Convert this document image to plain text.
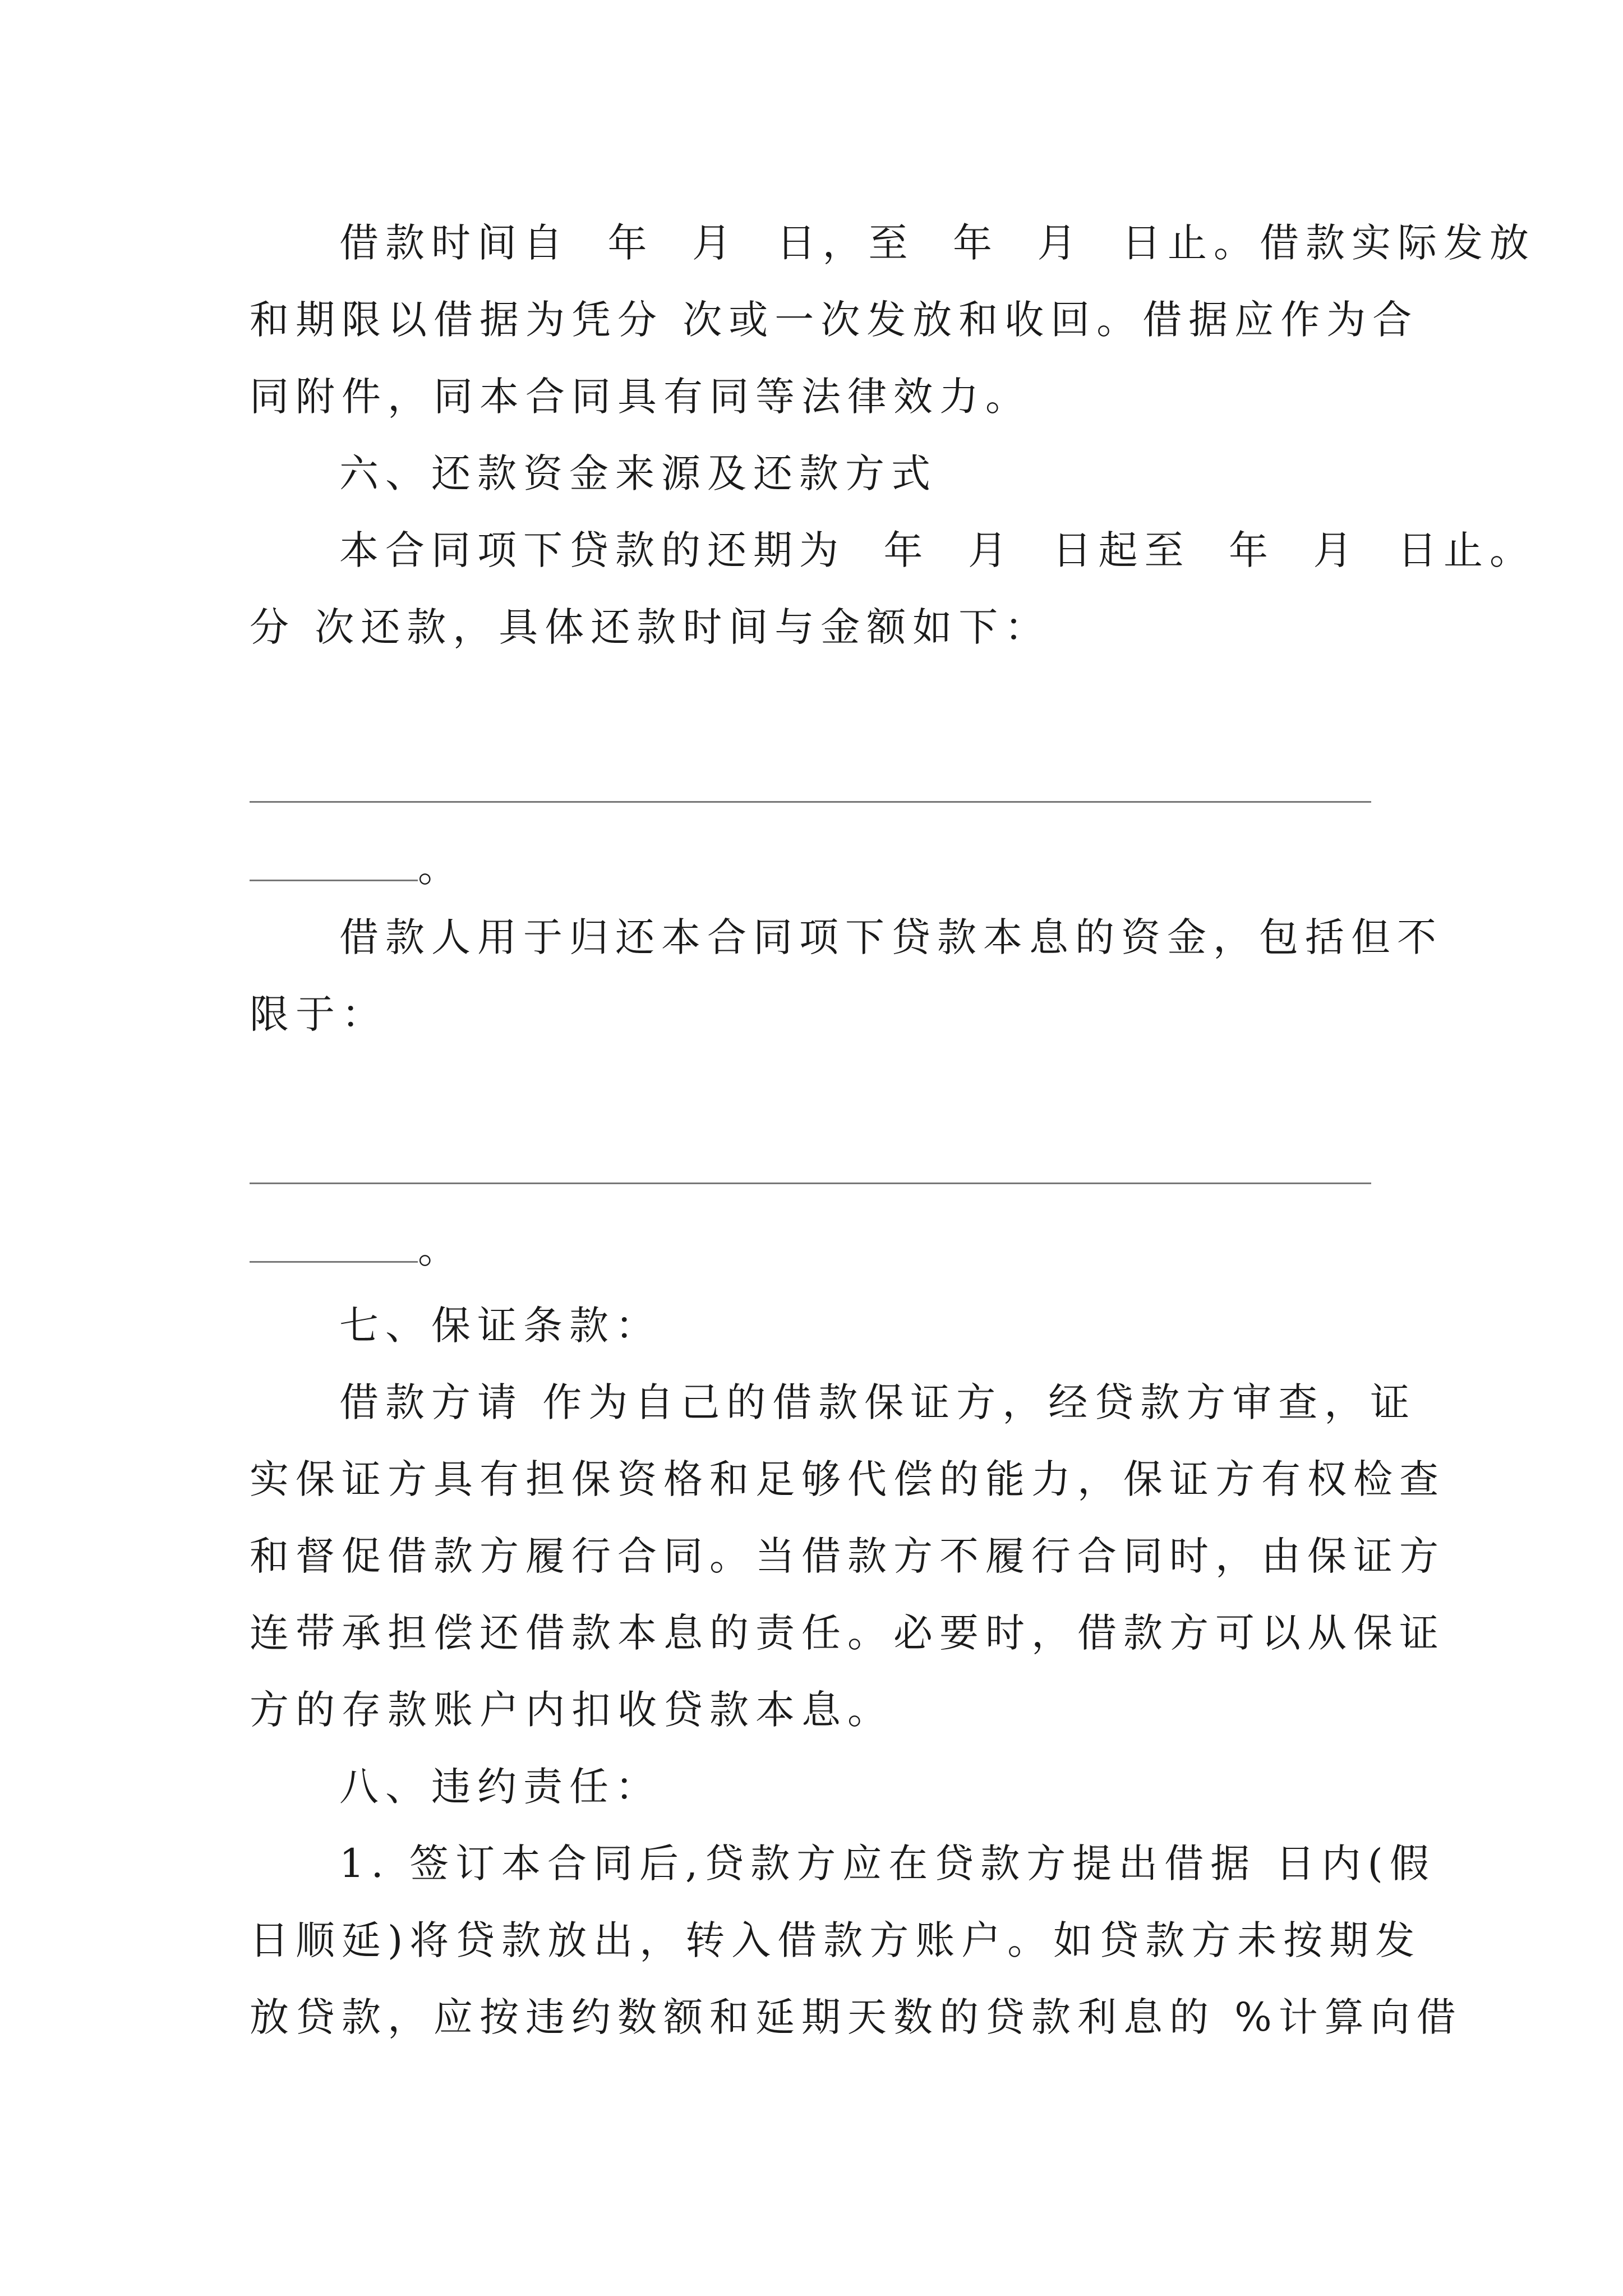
借款时间自  年  月  日，至  年  月  日止。借款实际发放
和期限以借据为凭分 次或一次发放和收回。借据应作为合
同附件，同本合同具有同等法律效力。
六、还款资金来源及还款方式
本合同项下贷款的还期为  年  月  日起至  年  月  日止。
分 次还款，具体还款时间与金额如下：
。
借款人用于归还本合同项下贷款本息的资金，包括但不
限于：
。
七、保证条款：
借款方请 作为自己的借款保证方，经贷款方审查，证
实保证方具有担保资格和足够代偿的能力，保证方有权检查
和督促借款方履行合同。当借款方不履行合同时，由保证方
连带承担偿还借款本息的责任。必要时，借款方可以从保证
方的存款账户内扣收贷款本息。
八、违约责任：
1. 签订本合同后,贷款方应在贷款方提出借据 日内(假
日顺延)将贷款放出，转入借款方账户。如贷款方未按期发
放贷款，应按违约数额和延期天数的贷款利息的 %计算向借
